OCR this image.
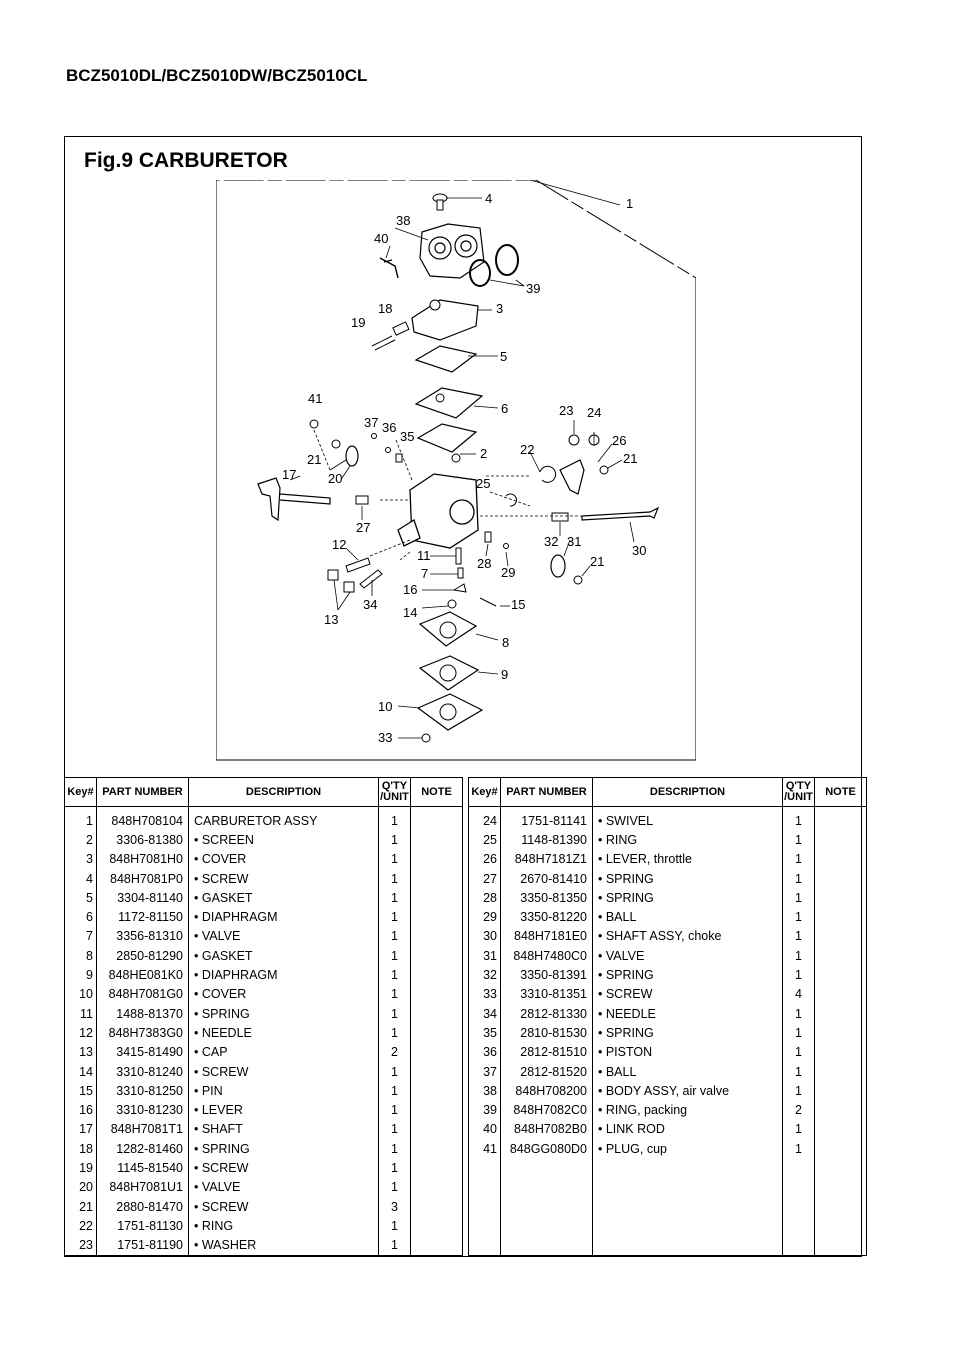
BCZ5010DL/BCZ5010DW/BCZ5010CL
Fig.9 CARBURETOR
1
2
3
4
5
6
7
8
9
10
11
12
13	14
15
16
17
18
19
20
21	21
21
22
23 24
25
26
27
28
29
30
31
32
33
34
35
36
37
38
39
40
41
Key#	PART NUMBER	DESCRIPTION	Q'TY
/UNIT	NOTE
1	848H708104	CARBURETOR ASSY	1	
2	3306-81380	• SCREEN	1	
3	848H7081H0	• COVER	1	
4	848H7081P0	• SCREW	1	
5	3304-81140	• GASKET	1	
6	1172-81150	• DIAPHRAGM	1	
7	3356-81310	• VALVE	1	
8	2850-81290	• GASKET	1	
9	848HE081K0	• DIAPHRAGM	1	
10	848H7081G0	• COVER	1	
11	1488-81370	• SPRING	1	
12	848H7383G0	• NEEDLE	1	
13	3415-81490	• CAP	2	
14	3310-81240	• SCREW	1	
15	3310-81250	• PIN	1	
16	3310-81230	• LEVER	1	
17	848H7081T1	• SHAFT	1	
18	1282-81460	• SPRING	1	
19	1145-81540	• SCREW	1	
20	848H7081U1	• VALVE	1	
21	2880-81470	• SCREW	3	
22	1751-81130	• RING	1	
23	1751-81190	• WASHER	1	
Key#	PART NUMBER	DESCRIPTION	Q'TY
/UNIT	NOTE
24	1751-81141	• SWIVEL	1	
25	1148-81390	• RING	1	
26	848H7181Z1	• LEVER, throttle	1	
27	2670-81410	• SPRING	1	
28	3350-81350	• SPRING	1	
29	3350-81220	• BALL	1	
30	848H7181E0	• SHAFT ASSY, choke	1	
31	848H7480C0	• VALVE	1	
32	3350-81391	• SPRING	1	
33	3310-81351	• SCREW	4	
34	2812-81330	• NEEDLE	1	
35	2810-81530	• SPRING	1	
36	2812-81510	• PISTON	1	
37	2812-81520	• BALL	1	
38	848H708200	• BODY ASSY, air valve	1	
39	848H7082C0	• RING, packing	2	
40	848H7082B0	• LINK ROD	1	
41	848GG080D0	• PLUG, cup	1	
